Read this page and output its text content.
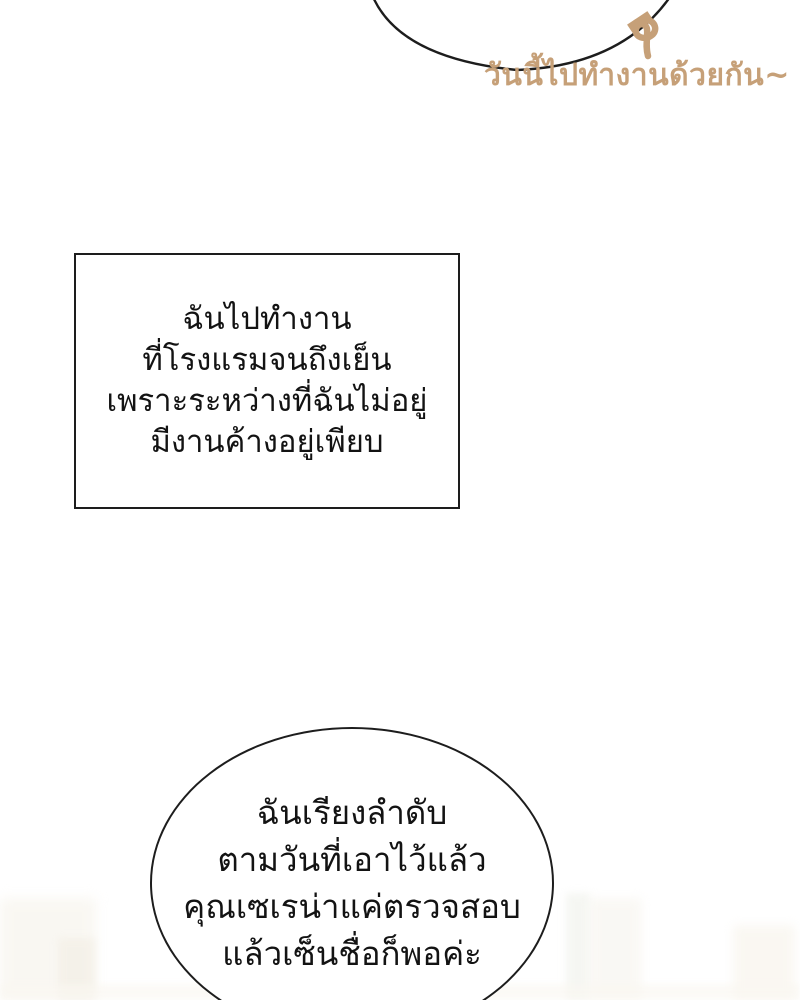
วันนี้ไปทำงานด้วยกัน~
ฉันไปทำงาน
ที่โรงแรมจนถึงเย็น
เพราะระหว่างที่ฉันไม่อยู่
มีงานค้างอยู่เพียบ
ฉันเรียงลำดับ
ตามวันที่เอาไว้แล้ว
คุณเซเรน่าแค่ตรวจสอบ
แล้วเซ็นชื่อก็พอค่ะ
